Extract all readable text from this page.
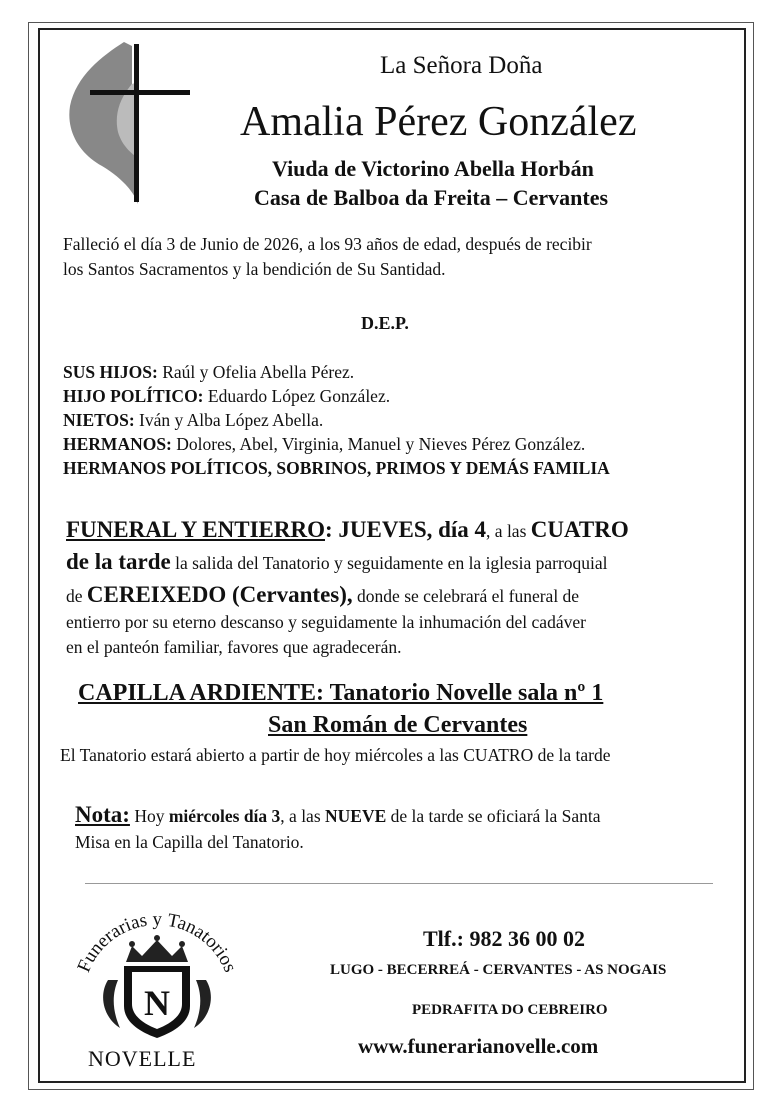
La Señora Doña
Amalia Pérez González
Viuda de Victorino Abella Horbán
Casa de Balboa da Freita – Cervantes
Falleció el día 3 de Junio de 2026, a los 93 años de edad, después de recibir
los Santos Sacramentos y la bendición de Su Santidad.
D.E.P.
SUS HIJOS: Raúl y Ofelia Abella Pérez.
HIJO POLÍTICO: Eduardo López González.
NIETOS: Iván y Alba López Abella.
HERMANOS: Dolores, Abel, Virginia, Manuel y Nieves Pérez González.
HERMANOS POLÍTICOS, SOBRINOS, PRIMOS Y DEMÁS FAMILIA
FUNERAL Y ENTIERRO: JUEVES, día 4, a las CUATRO
de la tarde la salida del Tanatorio y seguidamente en la iglesia parroquial
de CEREIXEDO (Cervantes), donde se celebrará el funeral de
entierro por su eterno descanso y seguidamente la inhumación del cadáver
en el panteón familiar, favores que agradecerán.
CAPILLA ARDIENTE: Tanatorio Novelle sala nº 1
San Román de Cervantes
El Tanatorio estará abierto a partir de hoy miércoles a las CUATRO de la tarde
Nota: Hoy miércoles día 3, a las NUEVE de la tarde se oficiará la Santa
Misa en la Capilla del Tanatorio.
Funerarias y Tanatorios
N
NOVELLE
Tlf.: 982 36 00 02
LUGO - BECERREÁ - CERVANTES - AS NOGAIS
PEDRAFITA DO CEBREIRO
www.funerarianovelle.com
